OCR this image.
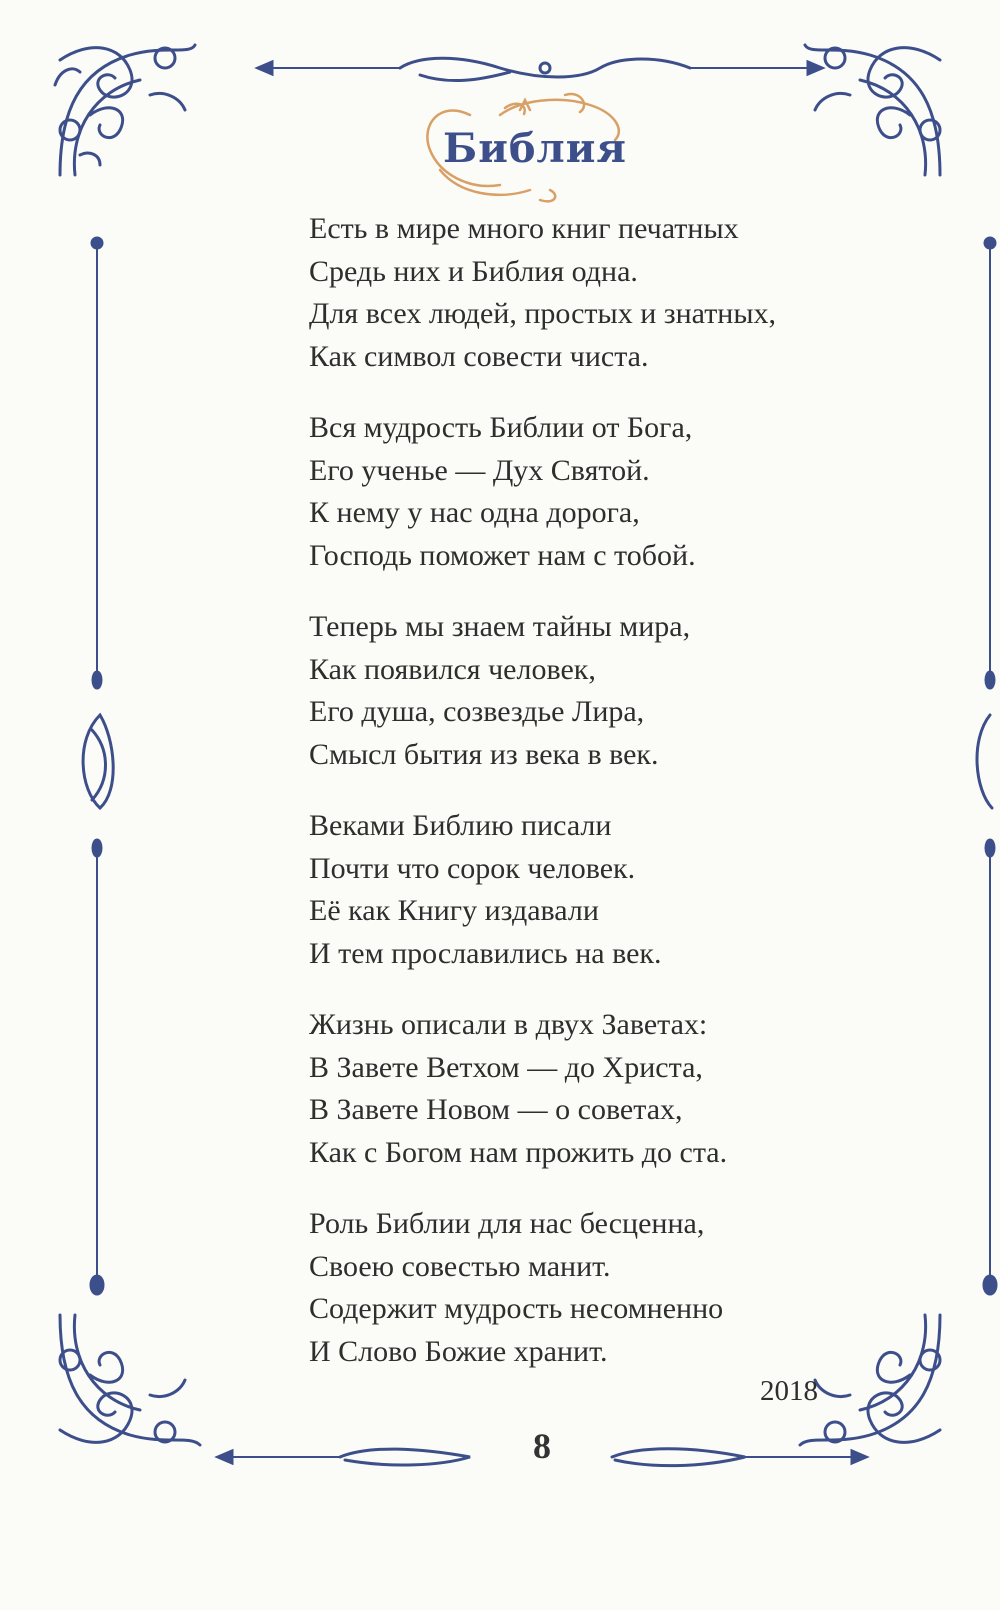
Библия
Есть в мире много книг печатных
Средь них и Библия одна.
Для всех людей, простых и знатных,
Как символ совести чиста.
Вся мудрость Библии от Бога,
Его ученье — Дух Святой.
К нему у нас одна дорога,
Господь поможет нам с тобой.
Теперь мы знаем тайны мира,
Как появился человек,
Его душа, созвездье Лира,
Смысл бытия из века в век.
Веками Библию писали
Почти что сорок человек.
Её как Книгу издавали
И тем прославились на век.
Жизнь описали в двух Заветах:
В Завете Ветхом — до Христа,
В Завете Новом — о советах,
Как с Богом нам прожить до ста.
Роль Библии для нас бесценна,
Своею совестью манит.
Содержит мудрость несомненно
И Слово Божие хранит.
2018
8
